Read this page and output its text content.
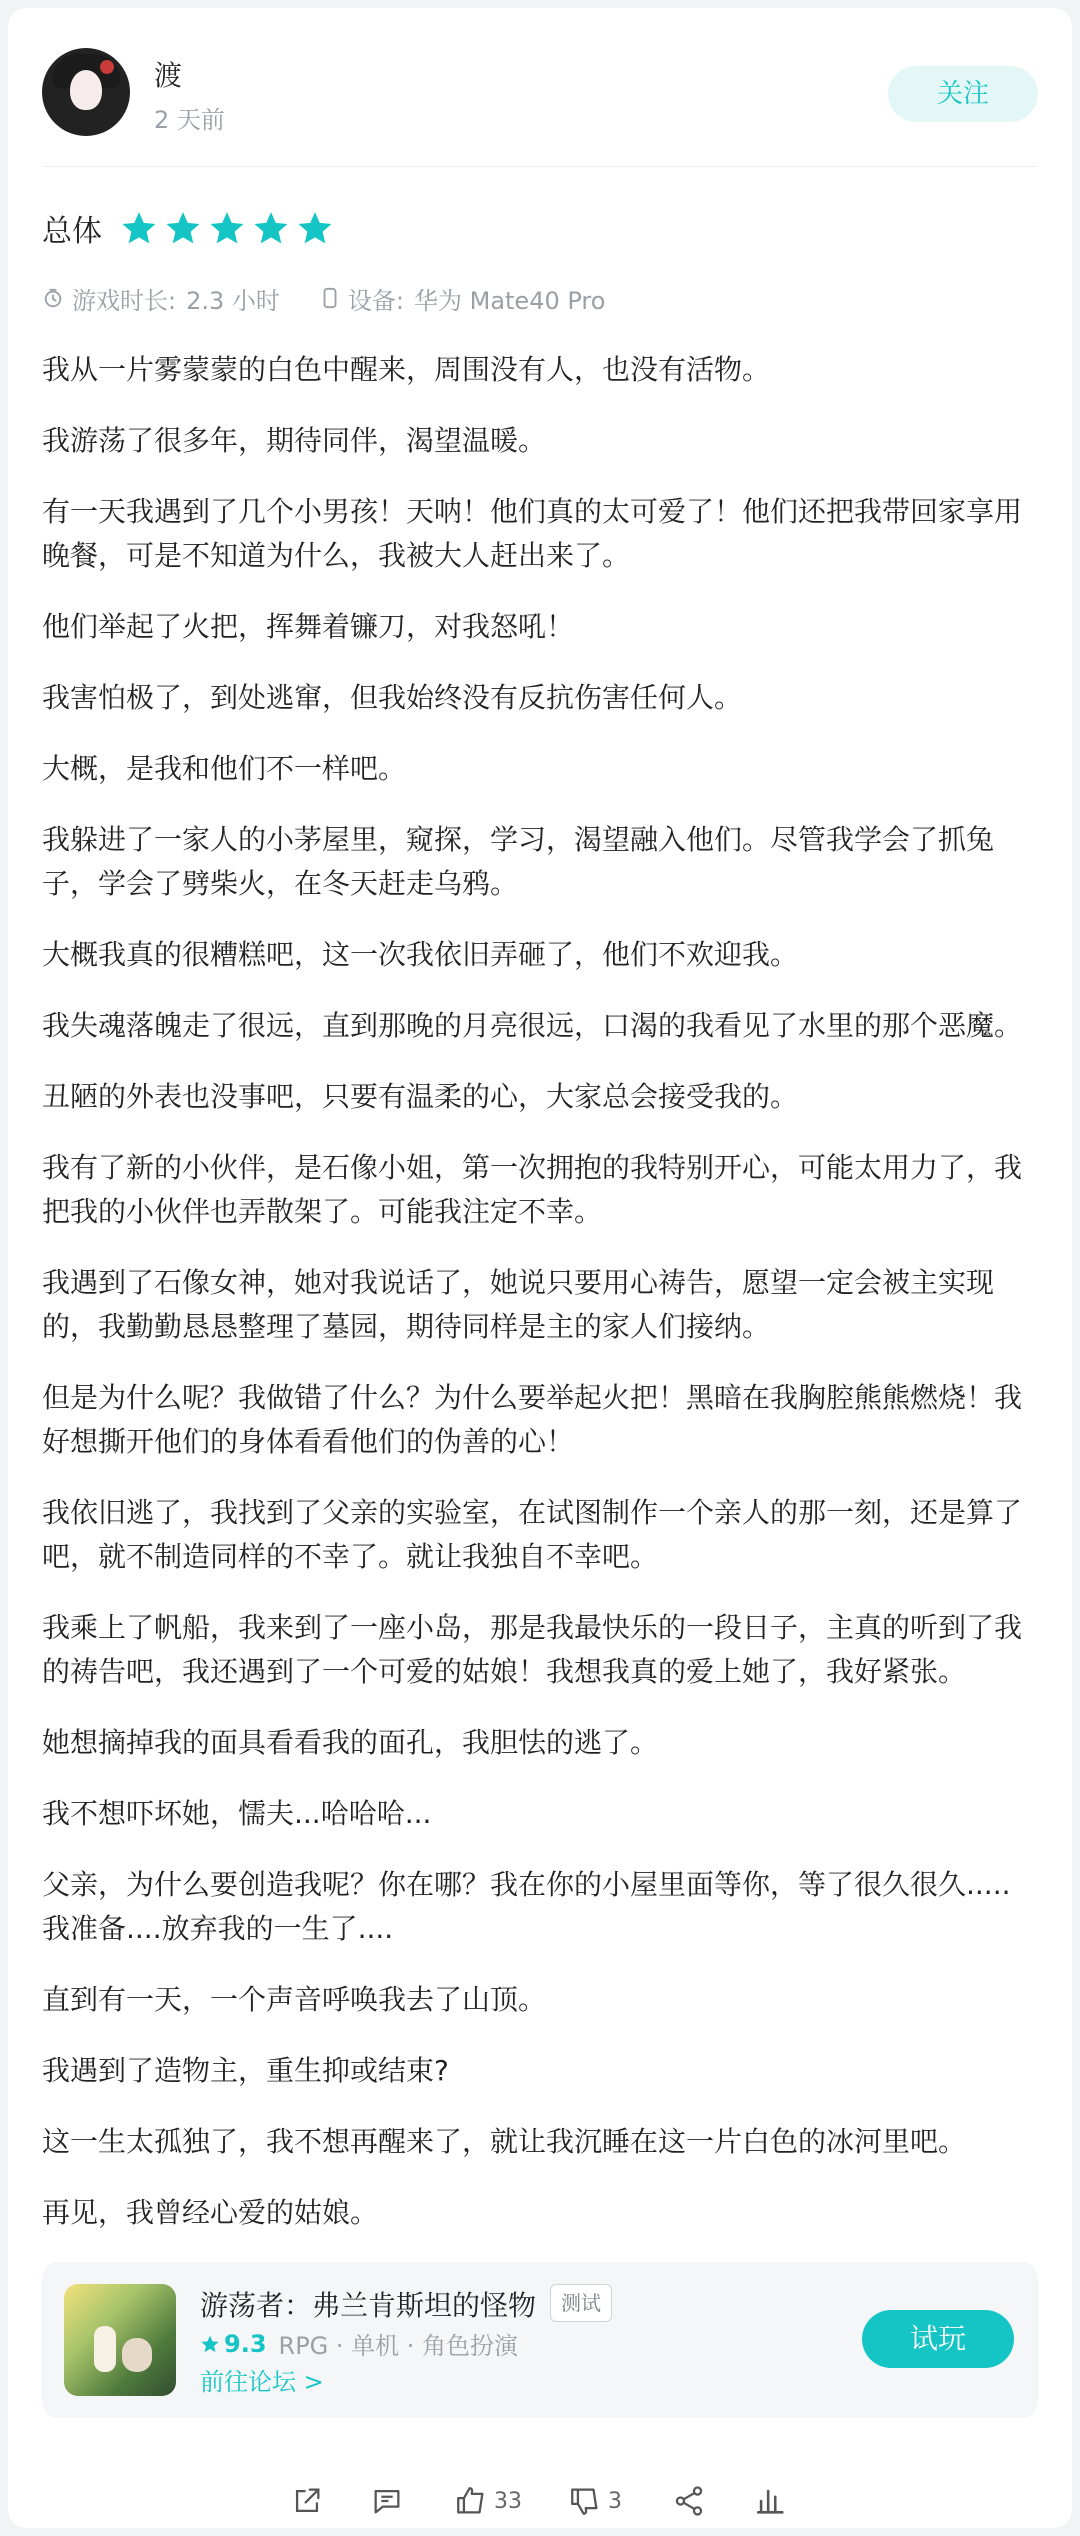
渡
2 天前
关注
总体
游戏时长: 2.3 小时	设备: 华为 Mate40 Pro

我从一片雾蒙蒙的白色中醒来，周围没有人，也没有活物。

我游荡了很多年，期待同伴，渴望温暖。

有一天我遇到了几个小男孩！天呐！他们真的太可爱了！他们还把我带回家享用晚餐，可是不知道为什么，我被大人赶出来了。

他们举起了火把，挥舞着镰刀，对我怒吼！

我害怕极了，到处逃窜，但我始终没有反抗伤害任何人。

大概，是我和他们不一样吧。

我躲进了一家人的小茅屋里，窥探，学习，渴望融入他们。尽管我学会了抓兔子，学会了劈柴火，在冬天赶走乌鸦。

大概我真的很糟糕吧，这一次我依旧弄砸了，他们不欢迎我。

我失魂落魄走了很远，直到那晚的月亮很远，口渴的我看见了水里的那个恶魔。

丑陋的外表也没事吧，只要有温柔的心，大家总会接受我的。

我有了新的小伙伴，是石像小姐，第一次拥抱的我特别开心，可能太用力了，我把我的小伙伴也弄散架了。可能我注定不幸。

我遇到了石像女神，她对我说话了，她说只要用心祷告，愿望一定会被主实现的，我勤勤恳恳整理了墓园，期待同样是主的家人们接纳。

但是为什么呢？我做错了什么？为什么要举起火把！黑暗在我胸腔熊熊燃烧！我好想撕开他们的身体看看他们的伪善的心！

我依旧逃了，我找到了父亲的实验室，在试图制作一个亲人的那一刻，还是算了吧，就不制造同样的不幸了。就让我独自不幸吧。

我乘上了帆船，我来到了一座小岛，那是我最快乐的一段日子，主真的听到了我的祷告吧，我还遇到了一个可爱的姑娘！我想我真的爱上她了，我好紧张。

她想摘掉我的面具看看我的面孔，我胆怯的逃了。

我不想吓坏她，懦夫...哈哈哈...

父亲，为什么要创造我呢？你在哪？我在你的小屋里面等你，等了很久很久.....我准备....放弃我的一生了....

直到有一天，一个声音呼唤我去了山顶。

我遇到了造物主，重生抑或结束?

这一生太孤独了，我不想再醒来了，就让我沉睡在这一片白色的冰河里吧。

再见，我曾经心爱的姑娘。

游荡者：弗兰肯斯坦的怪物	测试
9.3 RPG · 单机 · 角色扮演
前往论坛 >
试玩
33	3
